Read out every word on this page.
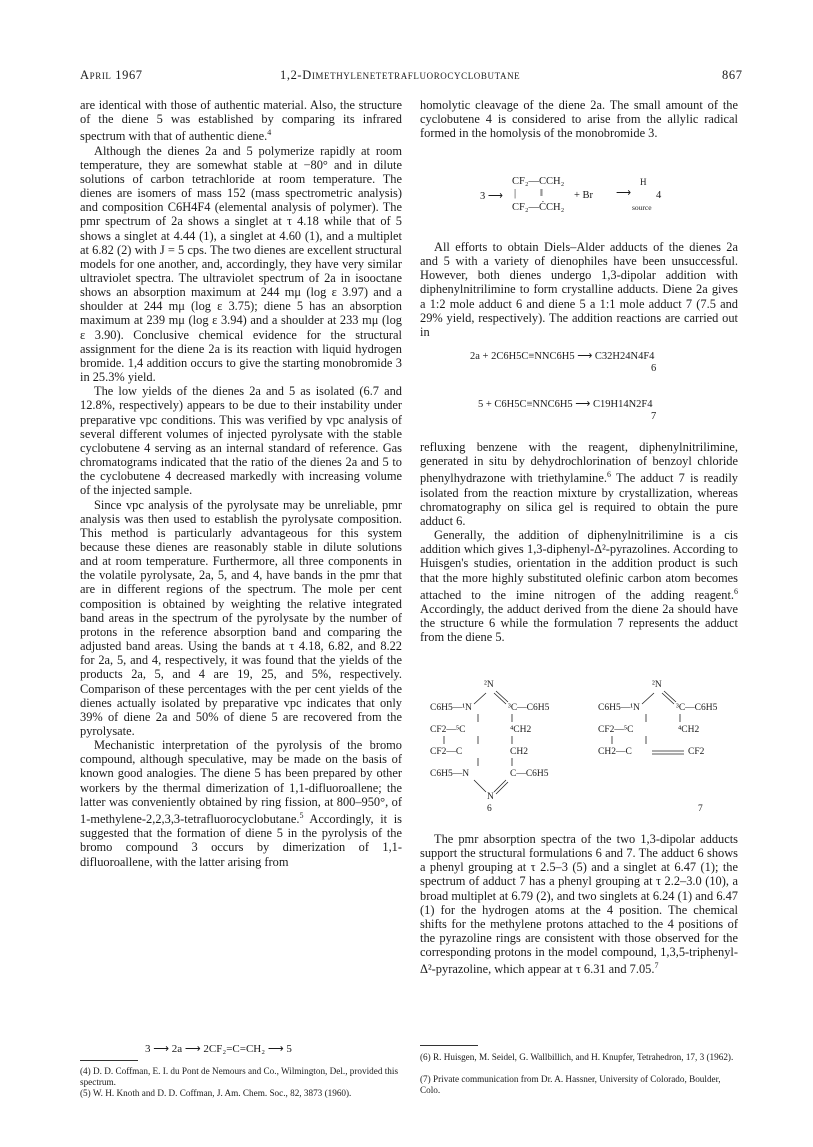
April 1967	1,2-Dimethylenetetrafluorocyclobutane	867

are identical with those of authentic material. Also, the structure of the diene 5 was established by comparing its infrared spectrum with that of authentic diene.$^4$

Although the dienes 2a and 5 polymerize rapidly at room temperature, they are somewhat stable at −80° and in dilute solutions of carbon tetrachloride at room temperature. The dienes are isomers of mass 152 (mass spectrometric analysis) and composition C6H4F4 (elemental analysis of polymer). The pmr spectrum of 2a shows a singlet at τ 4.18 while that of 5 shows a singlet at 4.44 (1), a singlet at 4.60 (1), and a multiplet at 6.82 (2) with J = 5 cps. The two dienes are excellent structural models for one another, and, accordingly, they have very similar ultraviolet spectra. The ultraviolet spectrum of 2a in isooctane shows an absorption maximum at 244 mμ (log ε 3.97) and a shoulder at 244 mμ (log ε 3.75); diene 5 has an absorption maximum at 239 mμ (log ε 3.94) and a shoulder at 233 mμ (log ε 3.90). Conclusive chemical evidence for the structural assignment for the diene 2a is its reaction with liquid hydrogen bromide. 1,4 addition occurs to give the starting monobromide 3 in 25.3% yield.

The low yields of the dienes 2a and 5 as isolated (6.7 and 12.8%, respectively) appears to be due to their instability under preparative vpc conditions. This was verified by vpc analysis of several different volumes of injected pyrolysate with the stable cyclobutene 4 serving as an internal standard of reference. Gas chromatograms indicated that the ratio of the dienes 2a and 5 to the cyclobutene 4 decreased markedly with increasing volume of the injected sample.

Since vpc analysis of the pyrolysate may be unreliable, pmr analysis was then used to establish the pyrolysate composition. This method is particularly advantageous for this system because these dienes are reasonably stable in dilute solutions and at room temperature. Furthermore, all three components in the volatile pyrolysate, 2a, 5, and 4, have bands in the pmr that are in different regions of the spectrum. The mole per cent composition is obtained by weighting the relative integrated band areas in the spectrum of the pyrolysate by the number of protons in the reference absorption band and comparing the adjusted band areas. Using the bands at τ 4.18, 6.82, and 8.22 for 2a, 5, and 4, respectively, it was found that the yields of the products 2a, 5, and 4 are 19, 25, and 5%, respectively. Comparison of these percentages with the per cent yields of the dienes actually isolated by preparative vpc indicates that only 39% of diene 2a and 50% of diene 5 are recovered from the pyrolysate.

Mechanistic interpretation of the pyrolysis of the bromo compound, although speculative, may be made on the basis of known good analogies. The diene 5 has been prepared by other workers by the thermal dimerization of 1,1-difluoroallene; the latter was conveniently obtained by ring fission, at 800–950°, of 1-methylene-2,2,3,3-tetrafluorocyclobutane.$^5$ Accordingly, it is suggested that the formation of diene 5 in the pyrolysis of the bromo compound 3 occurs by dimerization of 1,1-difluoroallene, with the latter arising from

3 ⟶ 2a ⟶ 2CF₂=C=CH₂ ⟶ 5
(4) D. D. Coffman, E. I. du Pont de Nemours and Co., Wilmington, Del., provided this spectrum.
(5) W. H. Knoth and D. D. Coffman, J. Am. Chem. Soc., 82, 3873 (1960).

homolytic cleavage of the diene 2a. The small amount of the cyclobutene 4 is considered to arise from the allylic radical formed in the homolysis of the monobromide 3.

3 ⟶
CF₂—CCH₂
CF₂—ĊCH₂
| ‖	+ Br
H
⟶
source
4

All efforts to obtain Diels–Alder adducts of the dienes 2a and 5 with a variety of dienophiles have been unsuccessful. However, both dienes undergo 1,3-dipolar addition with diphenylnitrilimine to form crystalline adducts. Diene 2a gives a 1:2 mole adduct 6 and diene 5 a 1:1 mole adduct 7 (7.5 and 29% yield, respectively). The addition reactions are carried out in

2a + 2C6H5C≡NNC6H5 ⟶ C32H24N4F4
6
5 + C6H5C≡NNC6H5 ⟶ C19H14N2F4
7

refluxing benzene with the reagent, diphenylnitrilimine, generated in situ by dehydrochlorination of benzoyl chloride phenylhydrazone with triethylamine.$^6$ The adduct 7 is readily isolated from the reaction mixture by crystallization, whereas chromatography on silica gel is required to obtain the pure adduct 6.

Generally, the addition of diphenylnitrilimine is a cis addition which gives 1,3-diphenyl-Δ²-pyrazolines. According to Huisgen's studies, orientation in the addition product is such that the more highly substituted olefinic carbon atom becomes attached to the imine nitrogen of the adding reagent.$^6$ Accordingly, the adduct derived from the diene 2a should have the structure 6 while the formulation 7 represents the adduct from the diene 5.

²N
C6H5—¹N	³C—C6H5
CF2—⁵C	⁴CH2
CF2—C	CH2
C6H5—N	C—C6H5
N
6
²N
C6H5—¹N	³C—C6H5
CF2—⁵C	⁴CH2
CH2—C	CF2
7

The pmr absorption spectra of the two 1,3-dipolar adducts support the structural formulations 6 and 7. The adduct 6 shows a phenyl grouping at τ 2.5–3 (5) and a singlet at 6.47 (1); the spectrum of adduct 7 has a phenyl grouping at τ 2.2–3.0 (10), a broad multiplet at 6.79 (2), and two singlets at 6.24 (1) and 6.47 (1) for the hydrogen atoms at the 4 position. The chemical shifts for the methylene protons attached to the 4 positions of the pyrazoline rings are consistent with those observed for the corresponding protons in the model compound, 1,3,5-triphenyl-Δ²-pyrazoline, which appear at τ 6.31 and 7.05.$^7$

(6) R. Huisgen, M. Seidel, G. Wallbillich, and H. Knupfer, Tetrahedron, 17, 3 (1962).
(7) Private communication from Dr. A. Hassner, University of Colorado, Boulder, Colo.
